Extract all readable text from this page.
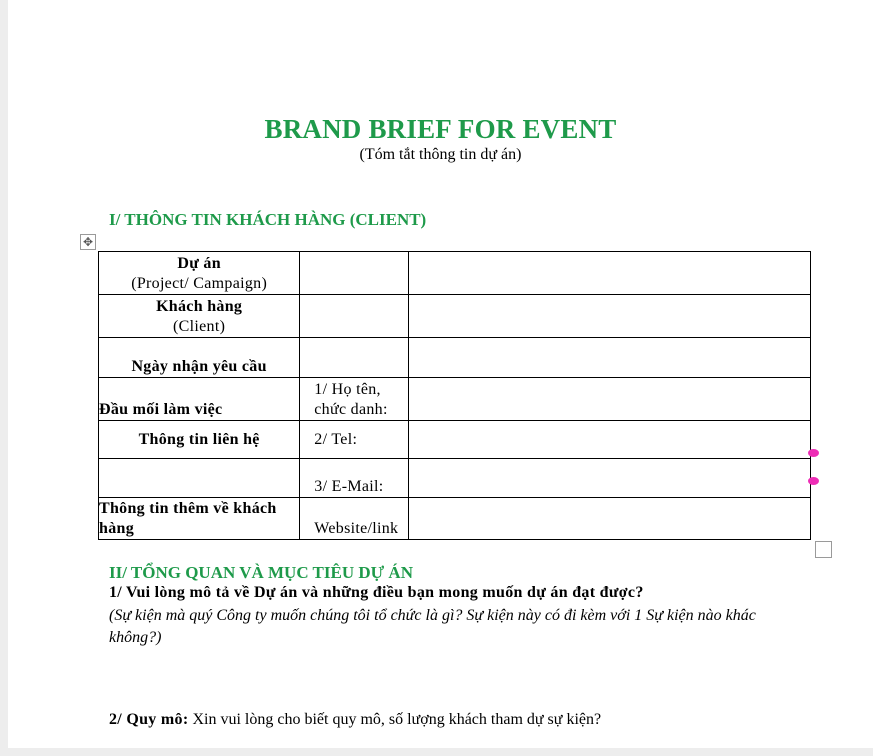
BRAND BRIEF FOR EVENT
(Tóm tắt thông tin dự án)
I/ THÔNG TIN KHÁCH HÀNG (CLIENT)
✥
Dự án
(Project/ Campaign)		

Khách hàng
(Client)		

Ngày nhận yêu cầu		
Đầu mối làm việc	1/ Họ tên, chức danh:	
Thông tin liên hệ	2/ Tel:	
	3/ E-Mail:	
Thông tin thêm về khách hàng	Website/link	
II/ TỔNG QUAN VÀ MỤC TIÊU DỰ ÁN
1/ Vui lòng mô tả về Dự án và những điều bạn mong muốn dự án đạt được?
(Sự kiện mà quý Công ty muốn chúng tôi tổ chức là gì? Sự kiện này có đi kèm với 1 Sự kiện nào khác không?)
2/ Quy mô: Xin vui lòng cho biết quy mô, số lượng khách tham dự sự kiện?
